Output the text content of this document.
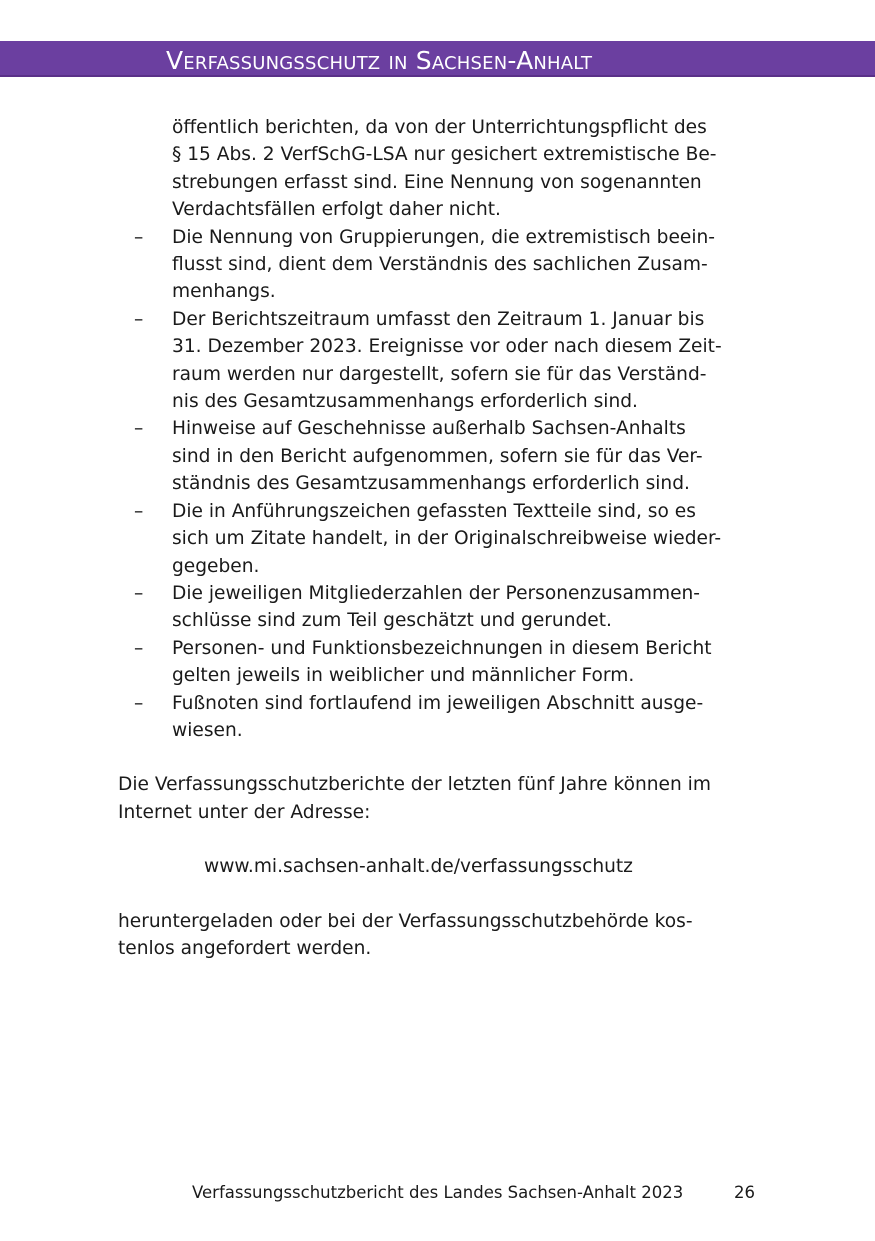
Verfassungsschutz in Sachsen-Anhalt
öffentlich berichten, da von der Unterrichtungspflicht des
§ 15 Abs. 2 VerfSchG-LSA nur gesichert extremistische Be-
strebungen erfasst sind. Eine Nennung von sogenannten
Verdachtsfällen erfolgt daher nicht.
– Die Nennung von Gruppierungen, die extremistisch beein-
flusst sind, dient dem Verständnis des sachlichen Zusam-
menhangs.
– Der Berichtszeitraum umfasst den Zeitraum 1. Januar bis
31. Dezember 2023. Ereignisse vor oder nach diesem Zeit-
raum werden nur dargestellt, sofern sie für das Verständ-
nis des Gesamtzusammenhangs erforderlich sind.
– Hinweise auf Geschehnisse außerhalb Sachsen-Anhalts
sind in den Bericht aufgenommen, sofern sie für das Ver-
ständnis des Gesamtzusammenhangs erforderlich sind.
– Die in Anführungszeichen gefassten Textteile sind, so es
sich um Zitate handelt, in der Originalschreibweise wieder-
gegeben.
– Die jeweiligen Mitgliederzahlen der Personenzusammen-
schlüsse sind zum Teil geschätzt und gerundet.
– Personen- und Funktionsbezeichnungen in diesem Bericht
gelten jeweils in weiblicher und männlicher Form.
– Fußnoten sind fortlaufend im jeweiligen Abschnitt ausge-
wiesen.
Die Verfassungsschutzberichte der letzten fünf Jahre können im
Internet unter der Adresse:

www.mi.sachsen-anhalt.de/verfassungsschutz

heruntergeladen oder bei der Verfassungsschutzbehörde kos-
tenlos angefordert werden.
Verfassungsschutzbericht des Landes Sachsen-Anhalt 2023	26
